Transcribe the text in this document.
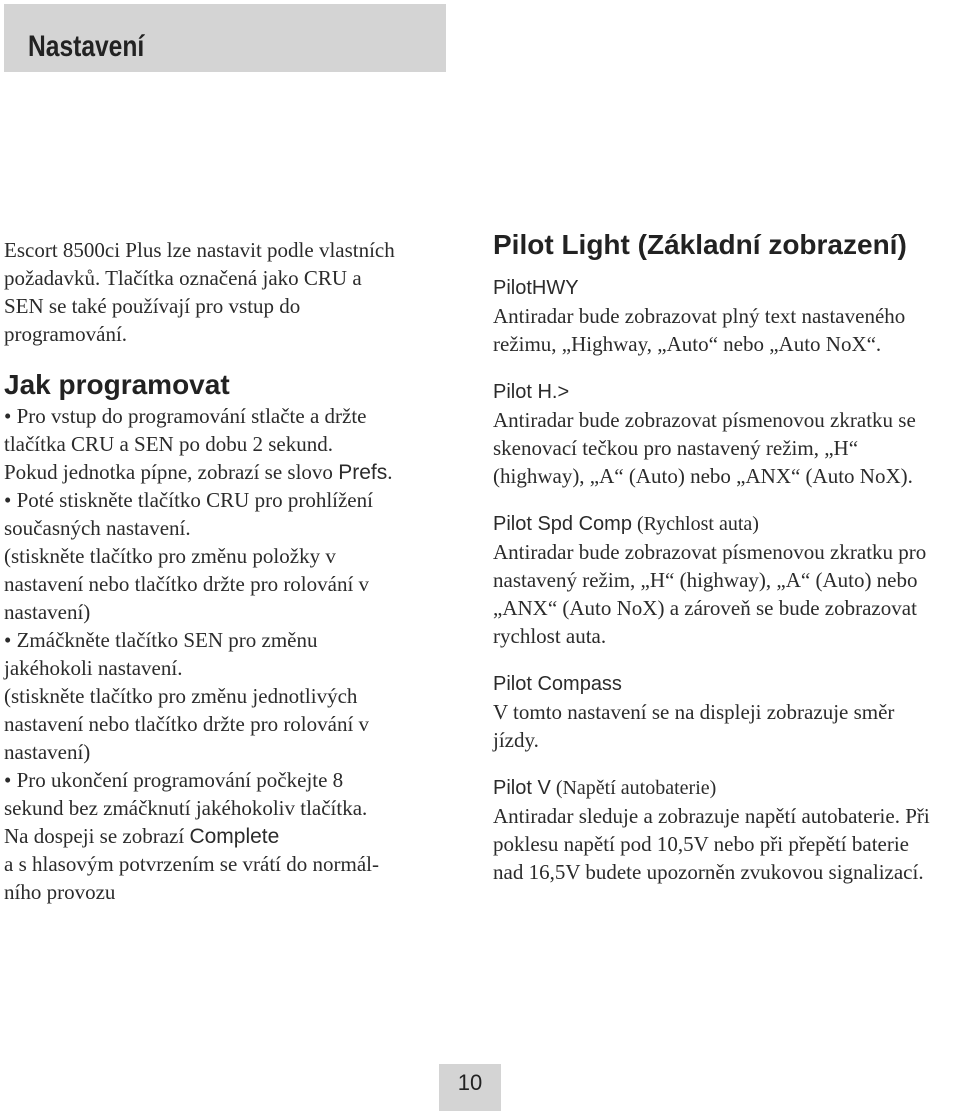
Nastavení
Escort 8500ci Plus lze nastavit podle vlastních
požadavků. Tlačítka označená jako CRU a
SEN se také používají pro vstup do
programování.
Jak programovat
• Pro vstup do programování stlačte a držte
tlačítka CRU a SEN po dobu 2 sekund.
Pokud jednotka pípne, zobrazí se slovo Prefs.
• Poté stiskněte tlačítko CRU pro prohlížení
současných nastavení.
(stiskněte tlačítko pro změnu položky v
nastavení nebo tlačítko držte pro rolování v
nastavení)
• Zmáčkněte tlačítko SEN pro změnu
jakéhokoli nastavení.
(stiskněte tlačítko pro změnu jednotlivých
nastavení nebo tlačítko držte pro rolování v
nastavení)
• Pro ukončení programování počkejte 8
sekund bez zmáčknutí jakéhokoliv tlačítka.
Na dospeji se zobrazí Complete
a s hlasovým potvrzením se vrátí do normál-
ního provozu
Pilot Light (Základní zobrazení)
PilotHWY
Antiradar bude zobrazovat plný text nastaveného
režimu, „Highway, „Auto“ nebo „Auto NoX“.
Pilot H.>
Antiradar bude zobrazovat písmenovou zkratku se
skenovací tečkou pro nastavený režim, „H“
(highway), „A“ (Auto) nebo „ANX“ (Auto NoX).
Pilot Spd Comp (Rychlost auta)
Antiradar bude zobrazovat písmenovou zkratku pro
nastavený režim, „H“ (highway), „A“ (Auto) nebo
„ANX“ (Auto NoX) a zároveň se bude zobrazovat
rychlost auta.
Pilot Compass
V tomto nastavení se na displeji zobrazuje směr
jízdy.
Pilot V (Napětí autobaterie)
Antiradar sleduje a zobrazuje napětí autobaterie. Při
poklesu napětí pod 10,5V nebo při přepětí baterie
nad 16,5V budete upozorněn zvukovou signalizací.
10
